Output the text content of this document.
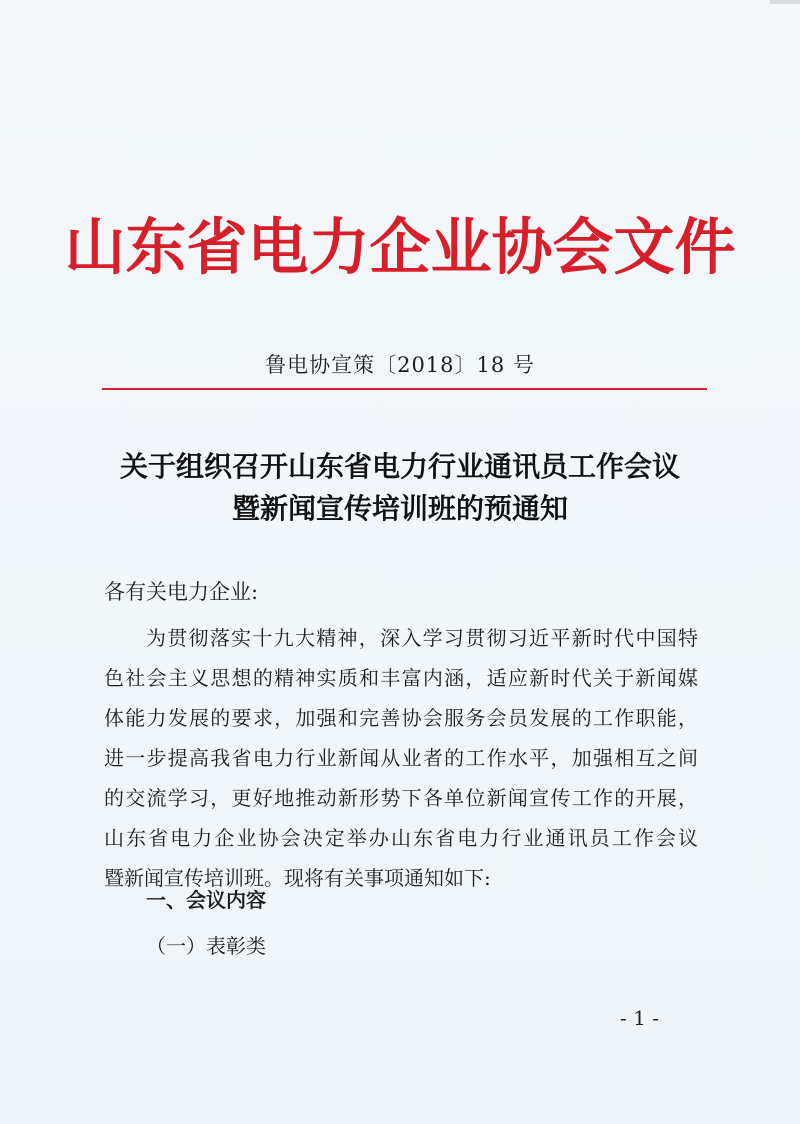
山东省电力企业协会文件
鲁电协宣策〔2018〕18 号
关于组织召开山东省电力行业通讯员工作会议
暨新闻宣传培训班的预通知
各有关电力企业:
为贯彻落实十九大精神，深入学习贯彻习近平新时代中国特
色社会主义思想的精神实质和丰富内涵，适应新时代关于新闻媒
体能力发展的要求，加强和完善协会服务会员发展的工作职能，
进一步提高我省电力行业新闻从业者的工作水平，加强相互之间
的交流学习，更好地推动新形势下各单位新闻宣传工作的开展，
山东省电力企业协会决定举办山东省电力行业通讯员工作会议
暨新闻宣传培训班。现将有关事项通知如下:
一、会议内容
（一）表彰类
- 1 -
